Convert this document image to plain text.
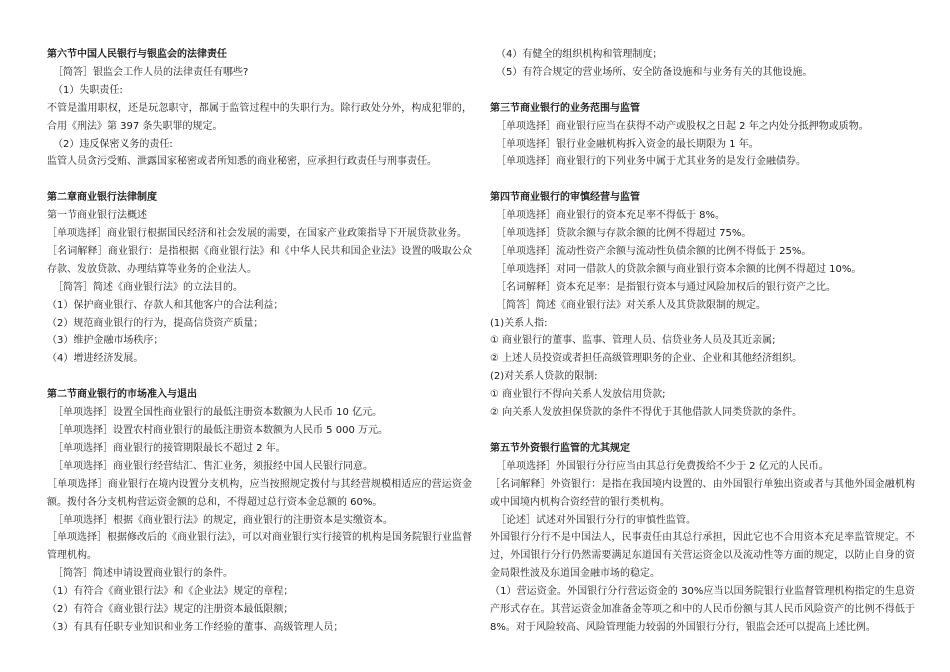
第六节中国人民银行与银监会的法律责任
［简答］银监会工作人员的法律责任有哪些?
（1）失职责任:
不管是滥用职权，还是玩忽职守，都属于监管过程中的失职行为。除行政处分外，构成犯罪的，合用《刑法》第 397 条失职罪的规定。
（2）违反保密义务的责任:
监管人员贪污受贿、泄露国家秘密或者所知悉的商业秘密，应承担行政责任与刑事责任。
第二章商业银行法律制度
第一节商业银行法概述
［单项选择］商业银行根据国民经济和社会发展的需要，在国家产业政策指导下开展贷款业务。
［名词解释］商业银行：是指根据《商业银行法》和《中华人民共和国企业法》设置的吸取公众存款、发放贷款、办理结算等业务的企业法人。
［简答］简述《商业银行法》的立法目的。
（1）保护商业银行、存款人和其他客户的合法利益；
（2）规范商业银行的行为，提高信贷资产质量；
（3）维护金融市场秩序；
（4）增进经济发展。
第二节商业银行的市场准入与退出
［单项选择］设置全国性商业银行的最低注册资本数额为人民币 10 亿元。
［单项选择］设置农村商业银行的最低注册资本数额为人民币 5 000 万元。
［单项选择］商业银行的接管期限最长不超过 2 年。
［单项选择］商业银行经营结汇、售汇业务，须报经中国人民银行同意。
［单项选择］商业银行在境内设置分支机构，应当按照规定拨付与其经营规模相适应的营运资金额。拨付各分支机构营运资金额的总和，不得超过总行资本金总额的 60%。
［单项选择］根据《商业银行法》的规定，商业银行的注册资本是实缴资本。
［单项选择］根据修改后的《商业银行法》，可以对商业银行实行接管的机构是国务院银行业监督管理机构。
［简答］简述申请设置商业银行的条件。
（1）有符合《商业银行法》和《企业法》规定的章程；
（2）有符合《商业银行法》规定的注册资本最低限额；
（3）有具有任职专业知识和业务工作经验的董事、高级管理人员；
（4）有健全的组织机构和管理制度；
（5）有符合规定的营业场所、安全防备设施和与业务有关的其他设施。
第三节商业银行的业务范围与监管
［单项选择］商业银行应当在获得不动产或股权之日起 2 年之内处分抵押物或质物。
［单项选择］银行业金融机构拆入资金的最长期限为 1 年。
［单项选择］商业银行的下列业务中属于尤其业务的是发行金融债券。
第四节商业银行的审慎经营与监管
［单项选择］商业银行的资本充足率不得低于 8%。
［单项选择］贷款余额与存款余额的比例不得超过 75%。
［单项选择］流动性资产余额与流动性负债余额的比例不得低于 25%。
［单项选择］对同一借款人的贷款余额与商业银行资本余额的比例不得超过 10%。
［名词解释］资本充足率：是指银行资本与通过风险加权后的银行资产之比。
［简答］简述《商业银行法》对关系人及其贷款限制的规定。
(1)关系人指:
① 商业银行的董事、监事、管理人员、信贷业务人员及其近亲属;
② 上述人员投资或者担任高级管理职务的企业、企业和其他经济组织。
(2)对关系人贷款的限制:
① 商业银行不得向关系人发放信用贷款;
② 向关系人发放担保贷款的条件不得优于其他借款人同类贷款的条件。
第五节外资银行监管的尤其规定
［单项选择］外国银行分行应当由其总行免费拨给不少于 2 亿元的人民币。
［名词解释］外资银行：是指在我国境内设置的、由外国银行单独出资或者与其他外国金融机构或中国境内机构合资经营的银行类机构。
［论述］试述对外国银行分行的审慎性监管。
外国银行分行不是中国法人，民事责任由其总行承担，因此它也不合用资本充足率监管规定。不过，外国银行分行仍然需要满足东道国有关营运资金以及流动性等方面的规定，以防止自身的资金局限性波及东道国金融市场的稳定。
（1）营运资金。外国银行分行营运资金的 30%应当以国务院银行业监督管理机构指定的生息资产形式存在。其营运资金加准备金等项之和中的人民币份额与其人民币风险资产的比例不得低于 8%。对于风险较高、风险管理能力较弱的外国银行分行，银监会还可以提高上述比例。
